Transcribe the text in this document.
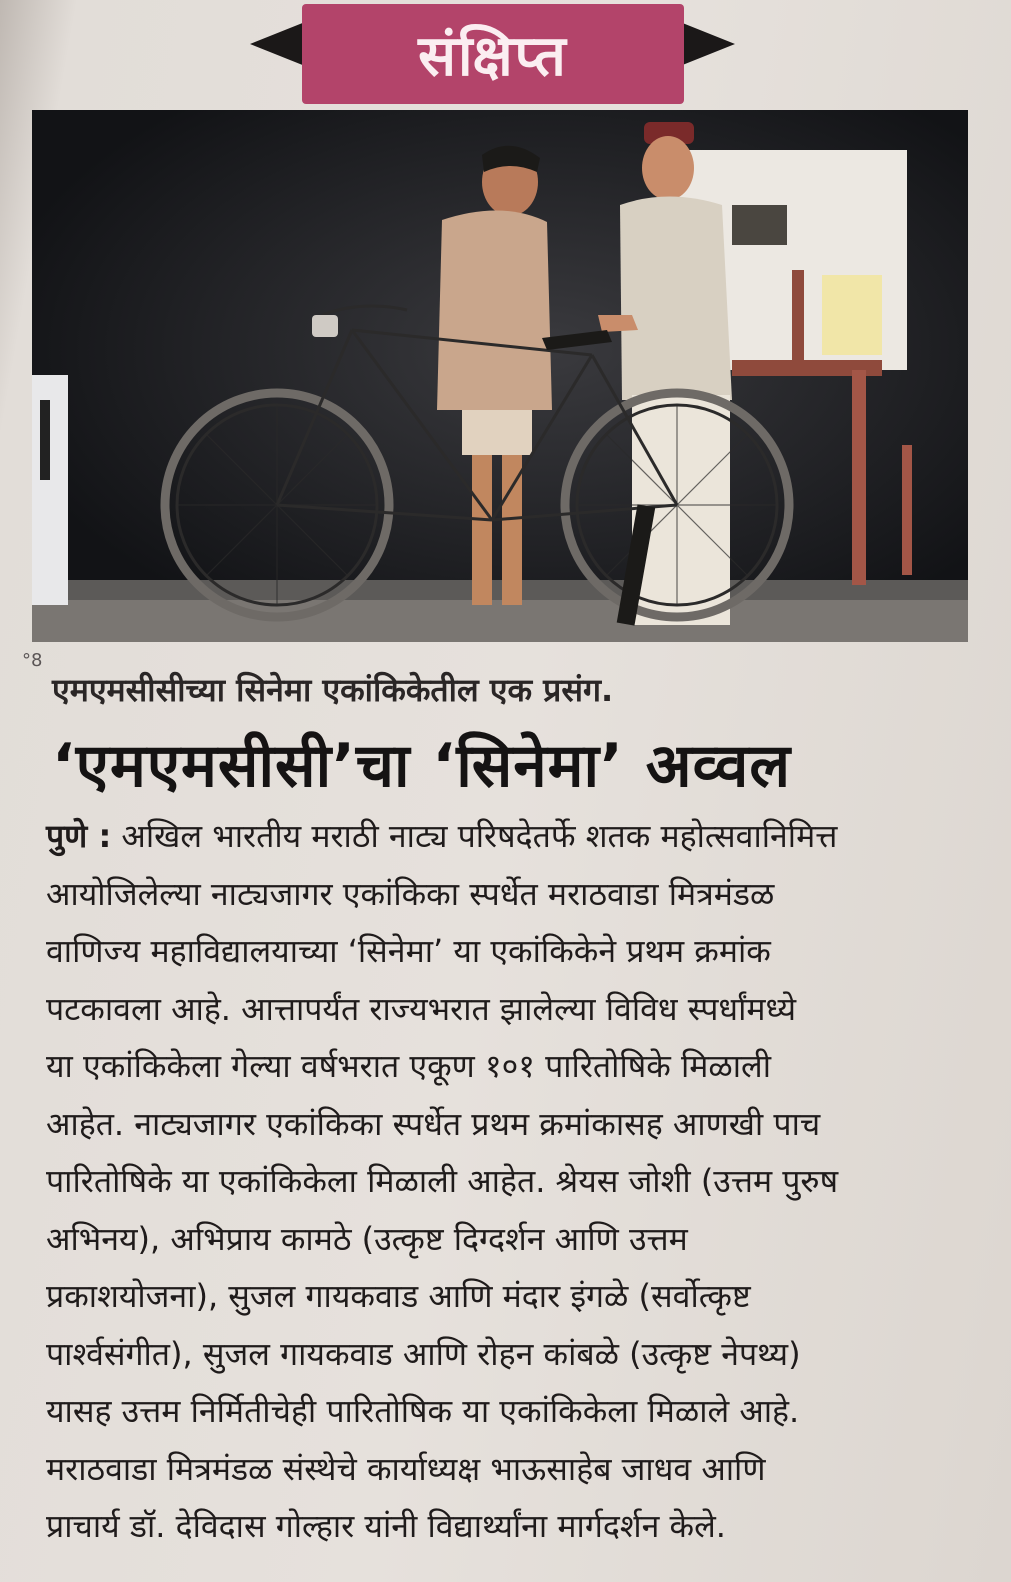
संक्षिप्त
°8
एमएमसीसीच्या सिनेमा एकांकिकेतील एक प्रसंग.
‘एमएमसीसी’चा ‘सिनेमा’ अव्वल
पुणे : अखिल भारतीय मराठी नाट्य परिषदेतर्फे शतक महोत्सवानिमित्त
आयोजिलेल्या नाट्यजागर एकांकिका स्पर्धेत मराठवाडा मित्रमंडळ
वाणिज्य महाविद्यालयाच्या ‘सिनेमा’ या एकांकिकेने प्रथम क्रमांक
पटकावला आहे. आत्तापर्यंत राज्यभरात झालेल्या विविध स्पर्धांमध्ये
या एकांकिकेला गेल्या वर्षभरात एकूण १०१ पारितोषिके मिळाली
आहेत. नाट्यजागर एकांकिका स्पर्धेत प्रथम क्रमांकासह आणखी पाच
पारितोषिके या एकांकिकेला मिळाली आहेत. श्रेयस जोशी (उत्तम पुरुष
अभिनय), अभिप्राय कामठे (उत्कृष्ट दिग्दर्शन आणि उत्तम
प्रकाशयोजना), सुजल गायकवाड आणि मंदार इंगळे (सर्वोत्कृष्ट
पार्श्वसंगीत), सुजल गायकवाड आणि रोहन कांबळे (उत्कृष्ट नेपथ्य)
यासह उत्तम निर्मितीचेही पारितोषिक या एकांकिकेला मिळाले आहे.
मराठवाडा मित्रमंडळ संस्थेचे कार्याध्यक्ष भाऊसाहेब जाधव आणि
प्राचार्य डॉ. देविदास गोल्हार यांनी विद्यार्थ्यांना मार्गदर्शन केले.
